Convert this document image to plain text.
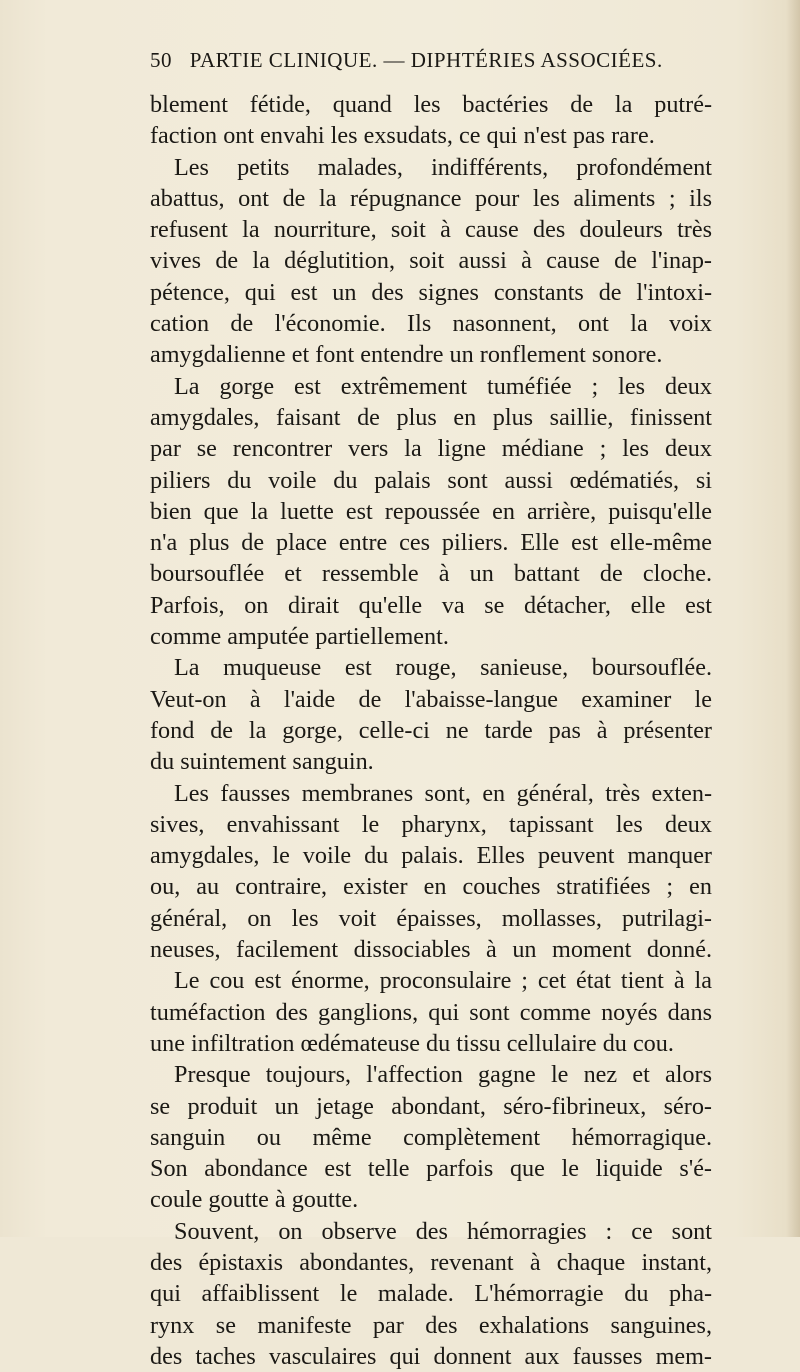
50 PARTIE CLINIQUE. — DIPHTÉRIES ASSOCIÉES.
blement fétide, quand les bactéries de la putré-
faction ont envahi les exsudats, ce qui n'est pas rare.
Les petits malades, indifférents, profondément
abattus, ont de la répugnance pour les aliments ; ils
refusent la nourriture, soit à cause des douleurs très
vives de la déglutition, soit aussi à cause de l'inap-
pétence, qui est un des signes constants de l'intoxi-
cation de l'économie. Ils nasonnent, ont la voix
amygdalienne et font entendre un ronflement sonore.
La gorge est extrêmement tuméfiée ; les deux
amygdales, faisant de plus en plus saillie, finissent
par se rencontrer vers la ligne médiane ; les deux
piliers du voile du palais sont aussi œdématiés, si
bien que la luette est repoussée en arrière, puisqu'elle
n'a plus de place entre ces piliers. Elle est elle-même
boursouflée et ressemble à un battant de cloche.
Parfois, on dirait qu'elle va se détacher, elle est
comme amputée partiellement.
La muqueuse est rouge, sanieuse, boursouflée.
Veut-on à l'aide de l'abaisse-langue examiner le
fond de la gorge, celle-ci ne tarde pas à présenter
du suintement sanguin.
Les fausses membranes sont, en général, très exten-
sives, envahissant le pharynx, tapissant les deux
amygdales, le voile du palais. Elles peuvent manquer
ou, au contraire, exister en couches stratifiées ; en
général, on les voit épaisses, mollasses, putrilagi-
neuses, facilement dissociables à un moment donné.
Le cou est énorme, proconsulaire ; cet état tient à la
tuméfaction des ganglions, qui sont comme noyés dans
une infiltration œdémateuse du tissu cellulaire du cou.
Presque toujours, l'affection gagne le nez et alors
se produit un jetage abondant, séro-fibrineux, séro-
sanguin ou même complètement hémorragique.
Son abondance est telle parfois que le liquide s'é-
coule goutte à goutte.
Souvent, on observe des hémorragies : ce sont
des épistaxis abondantes, revenant à chaque instant,
qui affaiblissent le malade. L'hémorragie du pha-
rynx se manifeste par des exhalations sanguines,
des taches vasculaires qui donnent aux fausses mem-
